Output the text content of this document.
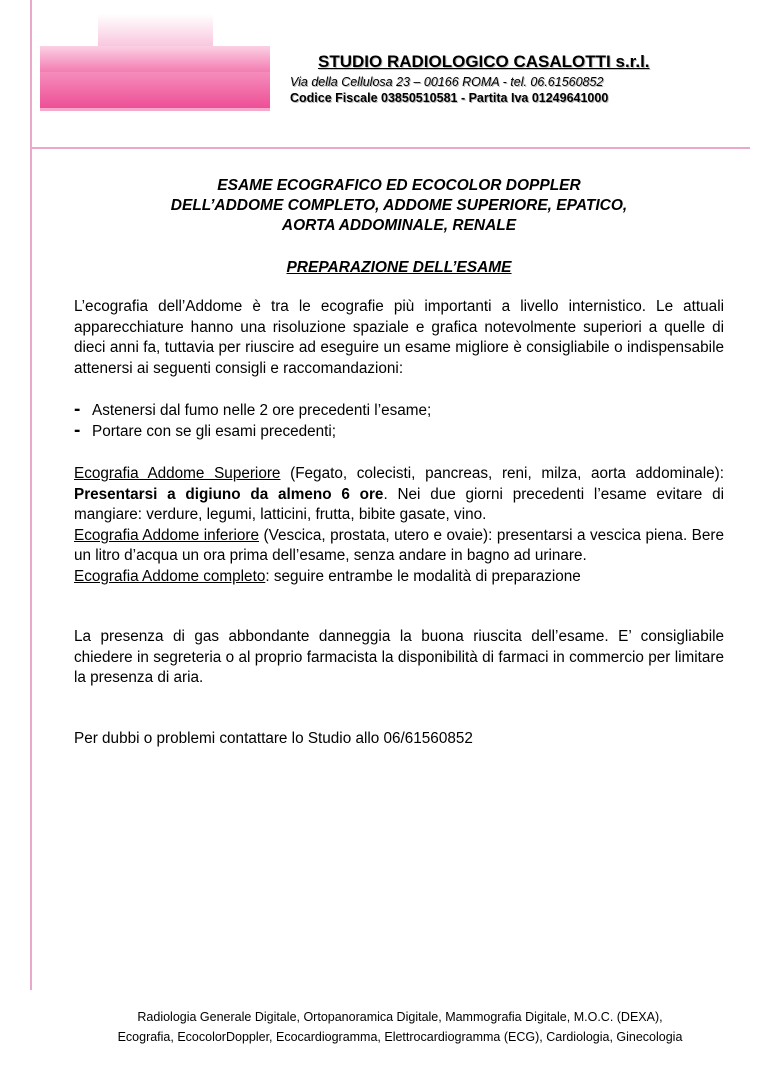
STUDIO RADIOLOGICO CASALOTTI s.r.l.
Via della Cellulosa 23 – 00166 ROMA - tel. 06.61560852
Codice Fiscale 03850510581 - Partita Iva 01249641000
ESAME ECOGRAFICO ED ECOCOLOR DOPPLER
DELL’ADDOME COMPLETO, ADDOME SUPERIORE, EPATICO,
AORTA ADDOMINALE, RENALE
PREPARAZIONE DELL’ESAME

L’ecografia dell’Addome è tra le ecografie più importanti a livello internistico. Le attuali apparecchiature hanno una risoluzione spaziale e grafica notevolmente superiori a quelle di dieci anni fa, tuttavia per riuscire ad eseguire un esame migliore è consigliabile o indispensabile attenersi ai seguenti consigli e raccomandazioni:

- Astenersi dal fumo nelle 2 ore precedenti l’esame;
- Portare con se gli esami precedenti;

Ecografia Addome Superiore (Fegato, colecisti, pancreas, reni, milza, aorta addominale): Presentarsi a digiuno da almeno 6 ore. Nei due giorni precedenti l’esame evitare di mangiare: verdure, legumi, latticini, frutta, bibite gasate, vino.

Ecografia Addome inferiore (Vescica, prostata, utero e ovaie): presentarsi a vescica piena. Bere un litro d’acqua un ora prima dell’esame, senza andare in bagno ad urinare.

Ecografia Addome completo: seguire entrambe le modalità di preparazione

La presenza di gas abbondante danneggia la buona riuscita dell’esame. E’ consigliabile chiedere in segreteria o al proprio farmacista la disponibilità di farmaci in commercio per limitare la presenza di aria.

Per dubbi o problemi contattare lo Studio allo 06/61560852

Radiologia Generale Digitale, Ortopanoramica Digitale, Mammografia Digitale, M.O.C. (DEXA),
Ecografia, EcocolorDoppler, Ecocardiogramma, Elettrocardiogramma (ECG), Cardiologia, Ginecologia
